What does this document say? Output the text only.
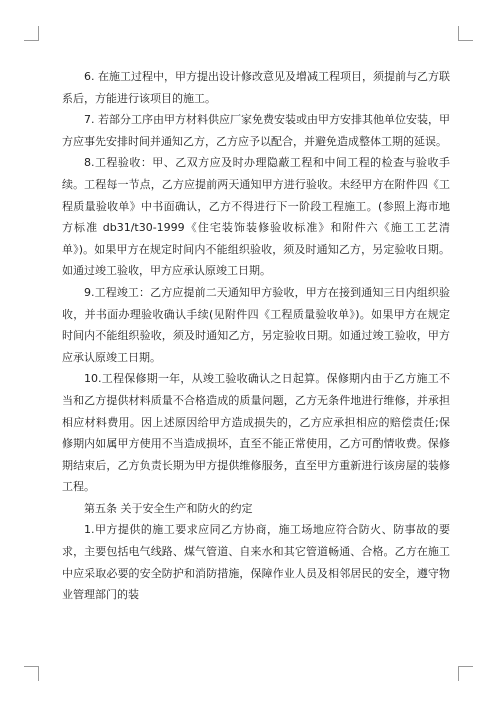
6. 在施工过程中，甲方提出设计修改意见及增减工程项目，须提前与乙方联系后，方能进行该项目的施工。

7. 若部分工序由甲方材料供应厂家免费安装或由甲方安排其他单位安装，甲方应事先安排时间并通知乙方，乙方应予以配合，并避免造成整体工期的延误。

8.工程验收：甲、乙双方应及时办理隐蔽工程和中间工程的检查与验收手续。工程每一节点，乙方应提前两天通知甲方进行验收。未经甲方在附件四《工程质量验收单》中书面确认，乙方不得进行下一阶段工程施工。(参照上海市地方标准 db31/t30-1999《住宅装饰装修验收标准》和附件六《施工工艺清单》)。如果甲方在规定时间内不能组织验收，须及时通知乙方，另定验收日期。如通过竣工验收，甲方应承认原竣工日期。

9.工程竣工：乙方应提前二天通知甲方验收，甲方在接到通知三日内组织验收，并书面办理验收确认手续(见附件四《工程质量验收单》)。如果甲方在规定时间内不能组织验收，须及时通知乙方，另定验收日期。如通过竣工验收，甲方应承认原竣工日期。

10.工程保修期一年，从竣工验收确认之日起算。保修期内由于乙方施工不当和乙方提供材料质量不合格造成的质量问题，乙方无条件地进行维修，并承担相应材料费用。因上述原因给甲方造成损失的，乙方应承担相应的赔偿责任;保修期内如属甲方使用不当造成损坏，直至不能正常使用，乙方可酌情收费。保修期结束后，乙方负责长期为甲方提供维修服务，直至甲方重新进行该房屋的装修工程。

第五条 关于安全生产和防火的约定

1.甲方提供的施工要求应同乙方协商，施工场地应符合防火、防事故的要求，主要包括电气线路、煤气管道、自来水和其它管道畅通、合格。乙方在施工中应采取必要的安全防护和消防措施，保障作业人员及相邻居民的安全，遵守物业管理部门的装
